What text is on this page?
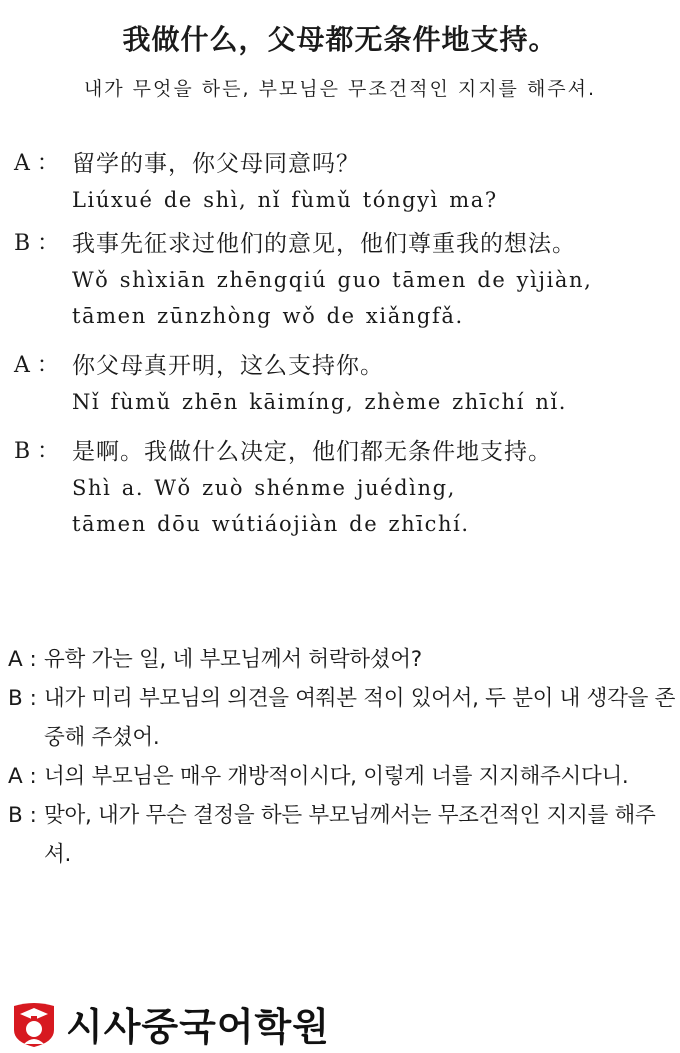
我做什么，父母都无条件地支持。
내가 무엇을 하든, 부모님은 무조건적인 지지를 해주셔.
A ： 留学的事，你父母同意吗？
Liúxué de shì, nǐ fùmǔ tóngyì ma?
B ： 我事先征求过他们的意见，他们尊重我的想法。
Wǒ shìxiān zhēngqiú guo tāmen de yìjiàn,
tāmen zūnzhòng wǒ de xiǎngfǎ.
A ： 你父母真开明，这么支持你。
Nǐ fùmǔ zhēn kāimíng, zhème zhīchí nǐ.
B ： 是啊。我做什么决定，他们都无条件地支持。
Shì a. Wǒ zuò shénme juédìng,
tāmen dōu wútiáojiàn de zhīchí.
A : 유학 가는 일, 네 부모님께서 허락하셨어?
B : 내가 미리 부모님의 의견을 여쭤본 적이 있어서, 두 분이 내 생각을 존중해 주셨어.
A : 너의 부모님은 매우 개방적이시다, 이렇게 너를 지지해주시다니.
B : 맞아, 내가 무슨 결정을 하든 부모님께서는 무조건적인 지지를 해주셔.
시사중국어학원
